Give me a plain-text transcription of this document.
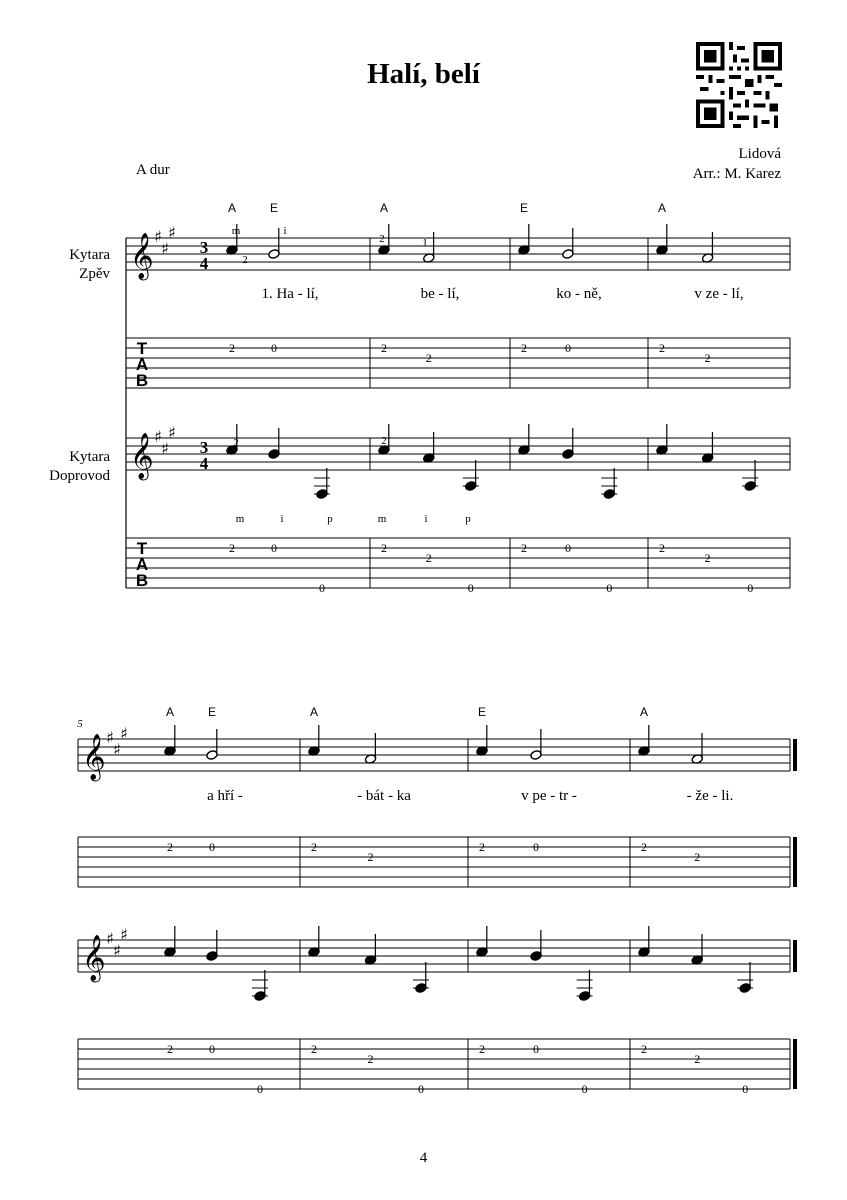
Halí, belí
Lidová
Arr.: M. Karez
A dur
Kytara
Zpěv
Kytara
Doprovod
4
𝄞
𝄞
♯
♯
♯
♯
♯
♯
3
4
3
4
T
A
B
T
A
B
2	0
2	0
0
1. Ha - lí,
2
2
2
2
0
be - lí,
2	0
2	0
0
ko - ně,
2
2
2
2
0
v ze - lí,
A	E	A	E	A
m	i
2
2	1
2	2
m	i	p	m	i	p
𝄞
𝄞
♯
♯
♯
♯
♯
♯
2	0
2	0
0
a hří -
2
2
2
2
0
- bát - ka
2	0
2	0
0
v pe - tr -
2
2
2
2
0
- že - li.
A	E	A	E	A
5
